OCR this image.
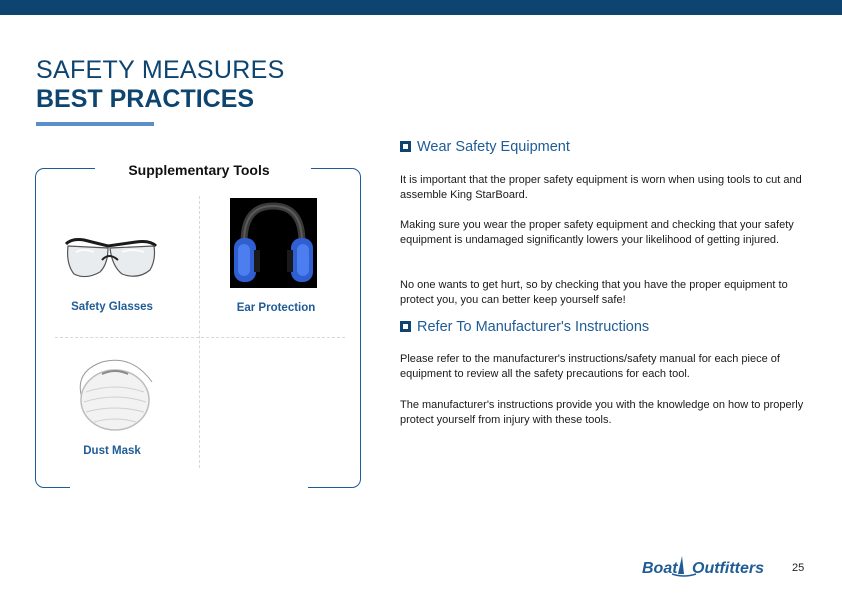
SAFETY MEASURES
BEST PRACTICES
Supplementary Tools
Safety Glasses	Ear Protection
Dust Mask
Wear Safety Equipment

It is important that the proper safety equipment is worn when using tools to cut and assemble King StarBoard.

Making sure you wear the proper safety equipment and checking that your safety equipment is undamaged significantly lowers your likelihood of getting injured.

No one wants to get hurt, so by checking that you have the proper equipment to protect you, you can better keep yourself safe!

Refer To Manufacturer's Instructions

Please refer to the manufacturer's instructions/safety manual for each piece of equipment to review all the safety precautions for each tool.

The manufacturer's instructions provide you with the knowledge on how to properly protect yourself from injury with these tools.

Boat Outfitters	25
